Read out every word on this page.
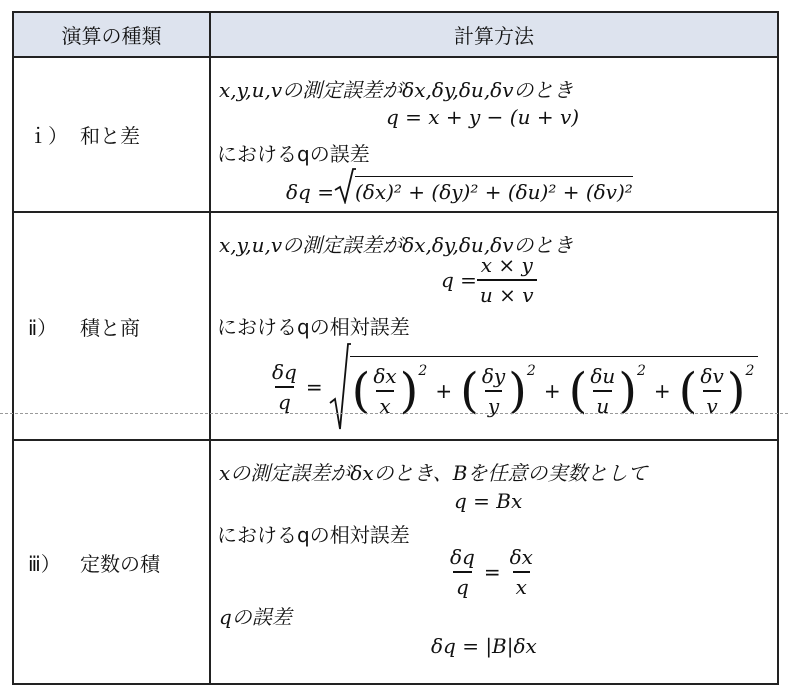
演算の種類	計算方法
ｉ） 和と差
x,y,u,vの測定誤差がδx,δy,δu,δvのとき
q = x + y − (u + v)
におけるqの誤差
δq = (δx)² + (δy)² + (δu)² + (δv)²
ⅱ）	積と商
x,y,u,vの測定誤差がδx,δy,δu,δvのとき
$q = \frac{x \times y}{u \times v}$
におけるqの相対誤差
$\frac{\delta q}{q}$ = ( $\frac{\delta x}{x} )^2$
+ ( $\frac{\delta y}{y} )^2$
+ ( $\frac{\delta u}{u} )^2$
+ ( $\frac{\delta v}{v} )^2$
ⅲ） 定数の積
xの測定誤差がδxのとき、Bを任意の実数として
q = Bx
におけるqの相対誤差
$\frac{\delta q}{q} = \frac{\delta x}{x}$
qの誤差
δq = |B|δx
